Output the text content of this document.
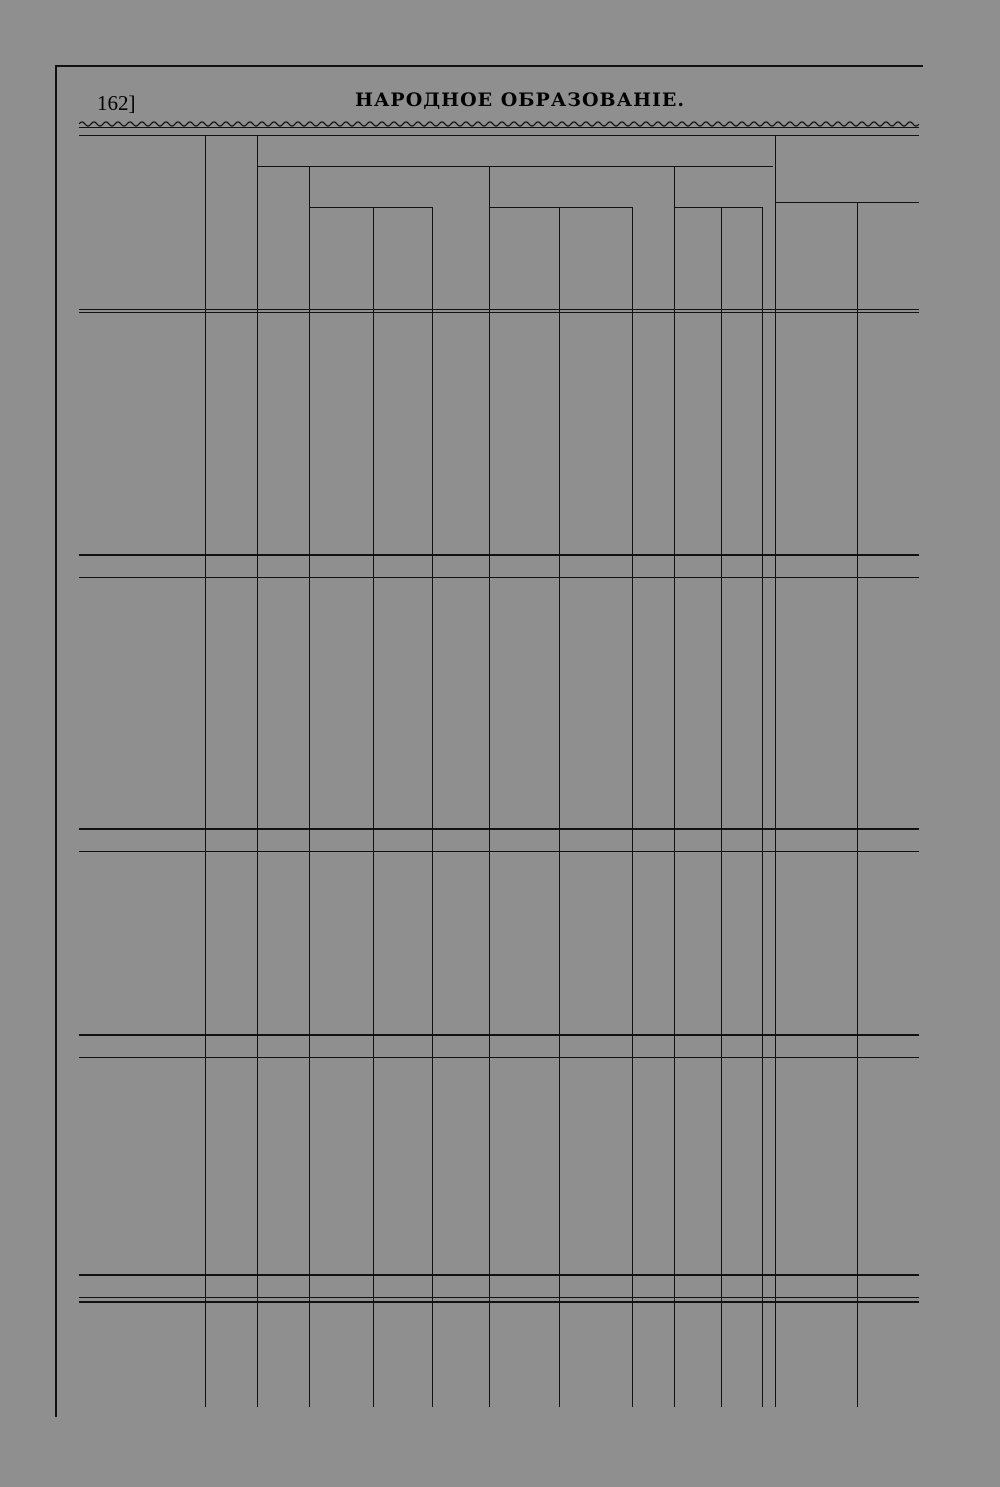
162]	НАРОДНОЕ ОБРАЗОВАНІЕ.
